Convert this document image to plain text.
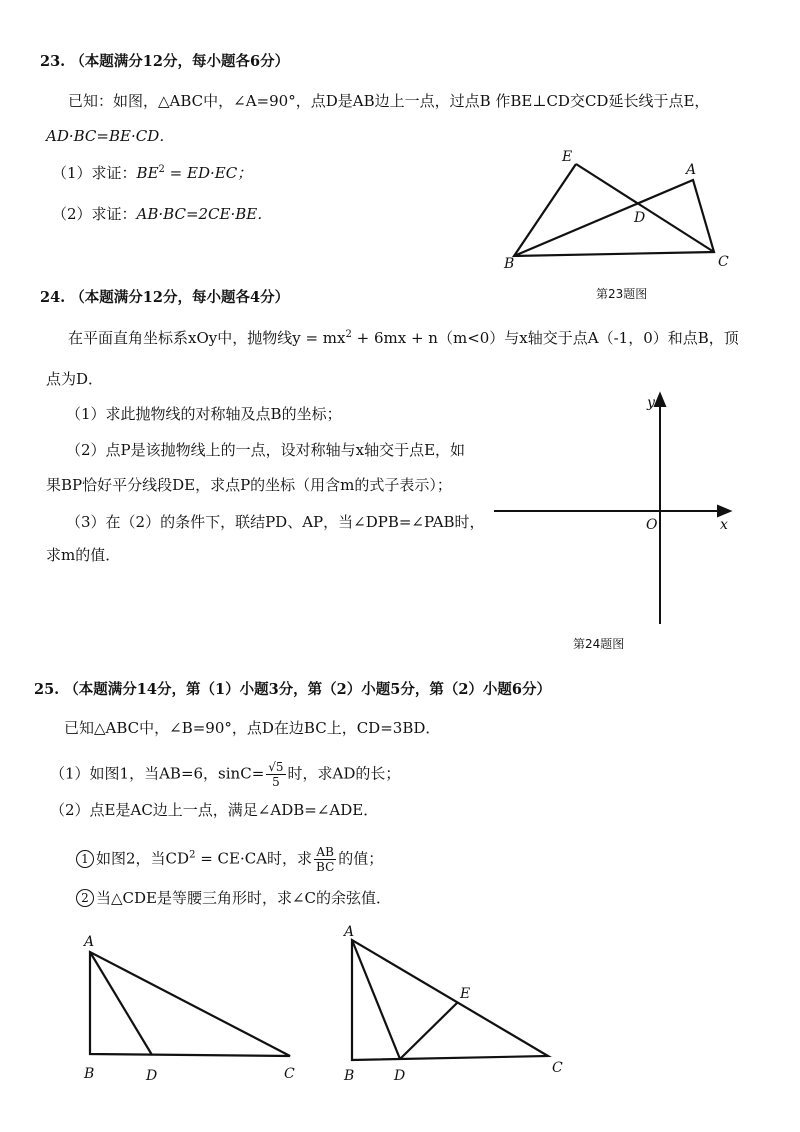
23. （本题满分12分，每小题各6分）
已知：如图，△ABC中，∠A=90°，点D是AB边上一点，过点B 作BE⊥CD交CD延长线于点E，
AD·BC=BE·CD．
（1）求证：$BE^2 = ED\cdot EC$；
（2）求证：AB·BC=2CE·BE．
E
A
D
B	C
第23题图
24. （本题满分12分，每小题各4分）
在平面直角坐标系xOy中，抛物线$y = mx^2 + 6mx + n(m<0)$与x轴交于点A（-1，0）和点B，顶
点为D．
（1）求此抛物线的对称轴及点B的坐标；
（2）点P是该抛物线上的一点，设对称轴与x轴交于点E，如
果BP恰好平分线段DE，求点P的坐标（用含m的式子表示）；
（3）在（2）的条件下，联结PD、AP，当∠DPB=∠PAB时，
求m的值．
y
x
O
第24题图
25. （本题满分14分，第（1）小题3分，第（2）小题5分，第（2）小题6分）
已知△ABC中，∠B=90°，点D在边BC上，CD=3BD．
（1）如图1，当AB=6，$\sin C= \frac{√5}{5}$ 时，求AD的长；
（2）点E是AC边上一点，满足∠ADB=∠ADE．
1 如图2，当$CD^2 = CE\cdot CA$时，求 $\frac{AB}{BC}$ 的值；
2 当△CDE是等腰三角形时，求∠C的余弦值．
A
B	D	C
A
B	D
E
C
